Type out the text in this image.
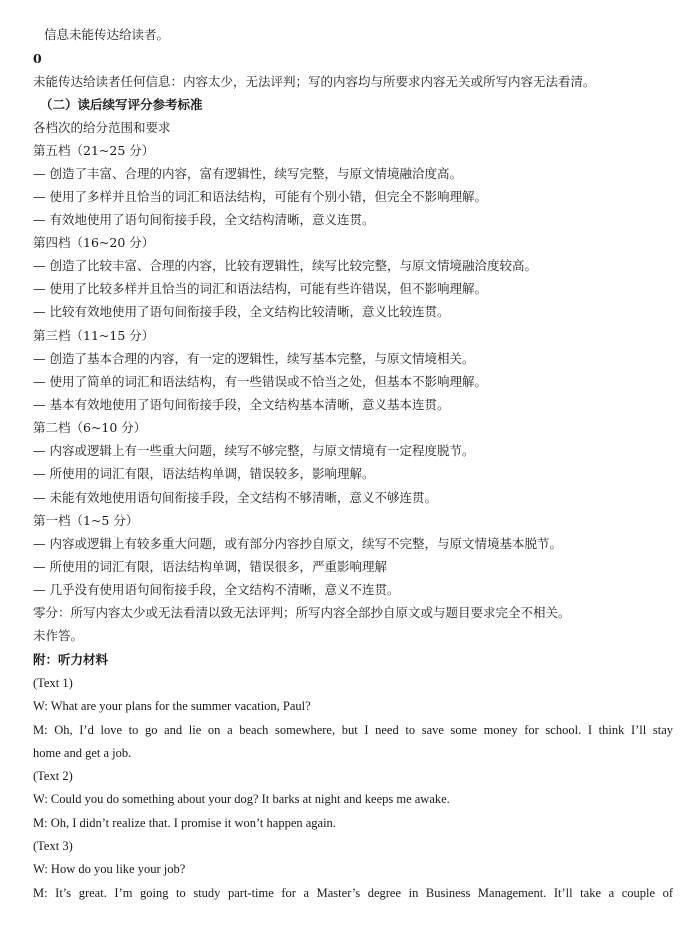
信息未能传达给读者。
0
未能传达给读者任何信息：内容太少，无法评判；写的内容均与所要求内容无关或所写内容无法看清。
（二）读后续写评分参考标准
各档次的给分范围和要求
第五档（21~25 分）
— 创造了丰富、合理的内容，富有逻辑性，续写完整，与原文情境融洽度高。
— 使用了多样并且恰当的词汇和语法结构，可能有个别小错，但完全不影响理解。
— 有效地使用了语句间衔接手段，全文结构清晰，意义连贯。
第四档（16~20 分）
— 创造了比较丰富、合理的内容，比较有逻辑性，续写比较完整，与原文情境融洽度较高。
— 使用了比较多样并且恰当的词汇和语法结构，可能有些许错误，但不影响理解。
— 比较有效地使用了语句间衔接手段，全文结构比较清晰，意义比较连贯。
第三档（11~15 分）
— 创造了基本合理的内容，有一定的逻辑性，续写基本完整，与原文情境相关。
— 使用了简单的词汇和语法结构，有一些错误或不恰当之处，但基本不影响理解。
— 基本有效地使用了语句间衔接手段，全文结构基本清晰，意义基本连贯。
第二档（6~10 分）
— 内容或逻辑上有一些重大问题，续写不够完整，与原文情境有一定程度脱节。
— 所使用的词汇有限，语法结构单调，错误较多，影响理解。
— 未能有效地使用语句间衔接手段，全文结构不够清晰，意义不够连贯。
第一档（1~5 分）
— 内容或逻辑上有较多重大问题，或有部分内容抄自原文，续写不完整，与原文情境基本脱节。
— 所使用的词汇有限，语法结构单调，错误很多，严重影响理解
— 几乎没有使用语句间衔接手段，全文结构不清晰，意义不连贯。
零分：所写内容太少或无法看清以致无法评判；所写内容全部抄自原文或与题目要求完全不相关。
未作答。
附：听力材料
(Text 1)
W: What are your plans for the summer vacation, Paul?
M: Oh, I’d love to go and lie on a beach somewhere, but I need to save some money for school. I think I’ll stay
home and get a job.
(Text 2)
W: Could you do something about your dog? It barks at night and keeps me awake.
M: Oh, I didn’t realize that. I promise it won’t happen again.
(Text 3)
W: How do you like your job?
M: It’s great. I’m going to study part-time for a Master’s degree in Business Management. It’ll take a couple of
